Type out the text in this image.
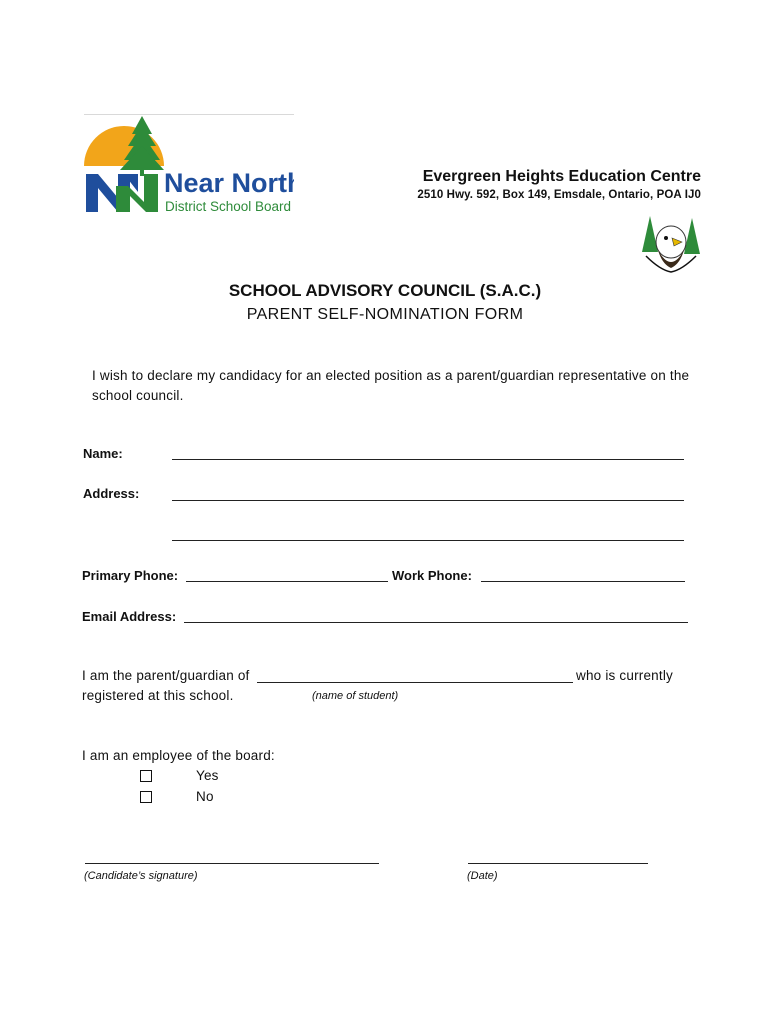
Near North
District School Board
Evergreen Heights Education Centre
2510 Hwy. 592, Box 149, Emsdale, Ontario, POA IJ0
SCHOOL ADVISORY COUNCIL (S.A.C.)
PARENT SELF-NOMINATION FORM
I wish to declare my candidacy for an elected position as a parent/guardian representative on the school council.
Name:
Address:
Primary Phone:	Work Phone:
Email Address:
I am the parent/guardian of	who is currently
registered at this school.	(name of student)
I am an employee of the board:
Yes
No
(Candidate’s signature)	(Date)
